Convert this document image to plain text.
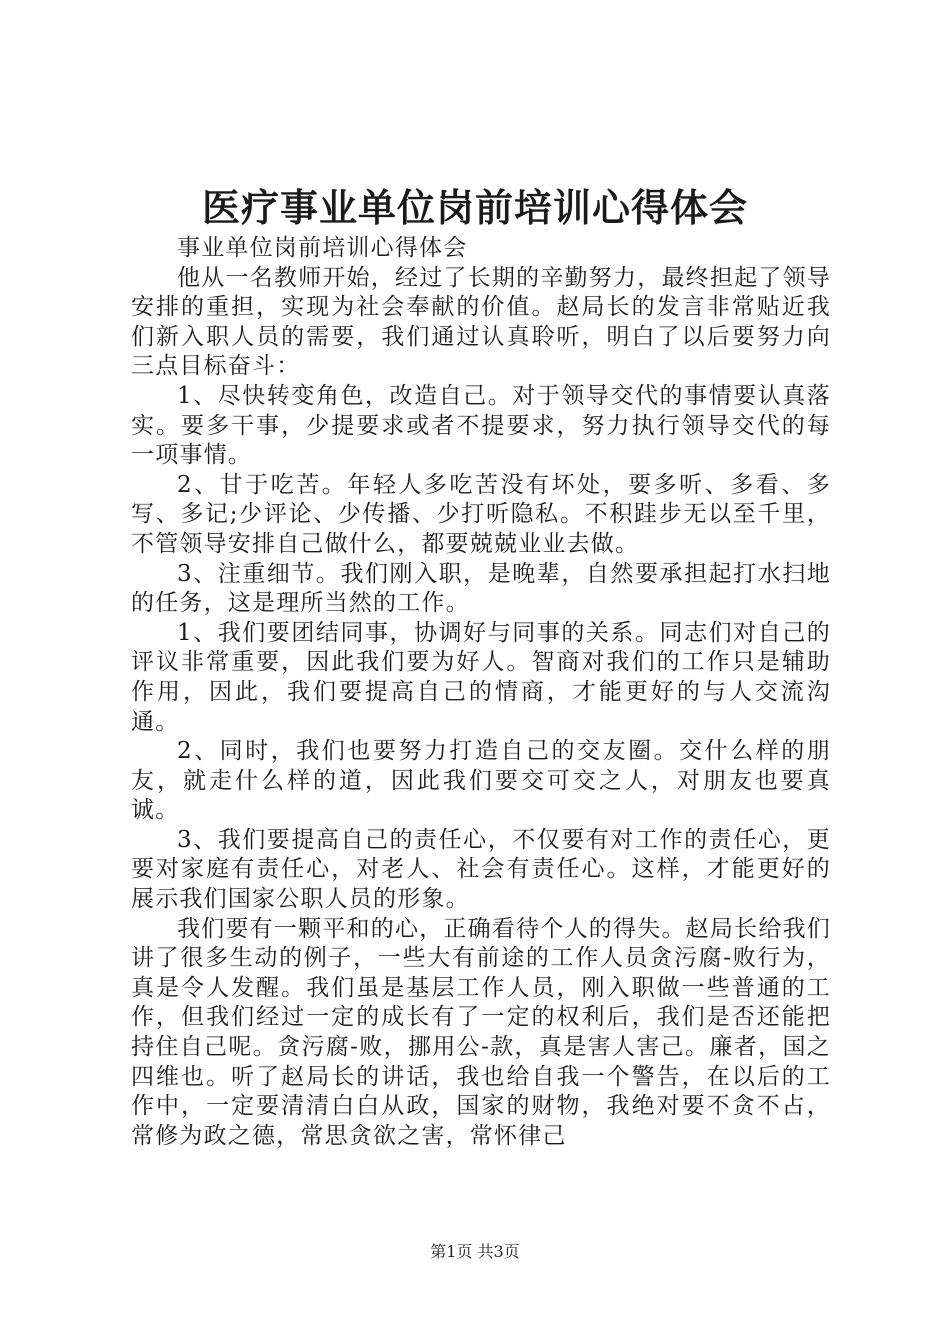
医疗事业单位岗前培训心得体会

事业单位岗前培训心得体会

他从一名教师开始，经过了长期的辛勤努力，最终担起了领导安排的重担，实现为社会奉献的价值。赵局长的发言非常贴近我们新入职人员的需要，我们通过认真聆听，明白了以后要努力向三点目标奋斗：

1、尽快转变角色，改造自己。对于领导交代的事情要认真落实。要多干事，少提要求或者不提要求，努力执行领导交代的每一项事情。

2、甘于吃苦。年轻人多吃苦没有坏处，要多听、多看、多写、多记;少评论、少传播、少打听隐私。不积跬步无以至千里，不管领导安排自己做什么，都要兢兢业业去做。

3、注重细节。我们刚入职，是晚辈，自然要承担起打水扫地的任务，这是理所当然的工作。

1、我们要团结同事，协调好与同事的关系。同志们对自己的评议非常重要，因此我们要为好人。智商对我们的工作只是辅助作用，因此，我们要提高自己的情商，才能更好的与人交流沟通。

2、同时，我们也要努力打造自己的交友圈。交什么样的朋友，就走什么样的道，因此我们要交可交之人，对朋友也要真诚。

3、我们要提高自己的责任心，不仅要有对工作的责任心，更要对家庭有责任心，对老人、社会有责任心。这样，才能更好的展示我们国家公职人员的形象。

我们要有一颗平和的心，正确看待个人的得失。赵局长给我们讲了很多生动的例子，一些大有前途的工作人员贪污腐-败行为，真是令人发醒。我们虽是基层工作人员，刚入职做一些普通的工作，但我们经过一定的成长有了一定的权利后，我们是否还能把持住自己呢。贪污腐-败，挪用公-款，真是害人害己。廉者，国之四维也。听了赵局长的讲话，我也给自我一个警告，在以后的工作中，一定要清清白白从政，国家的财物，我绝对要不贪不占，常修为政之德，常思贪欲之害，常怀律己

第1页 共3页
